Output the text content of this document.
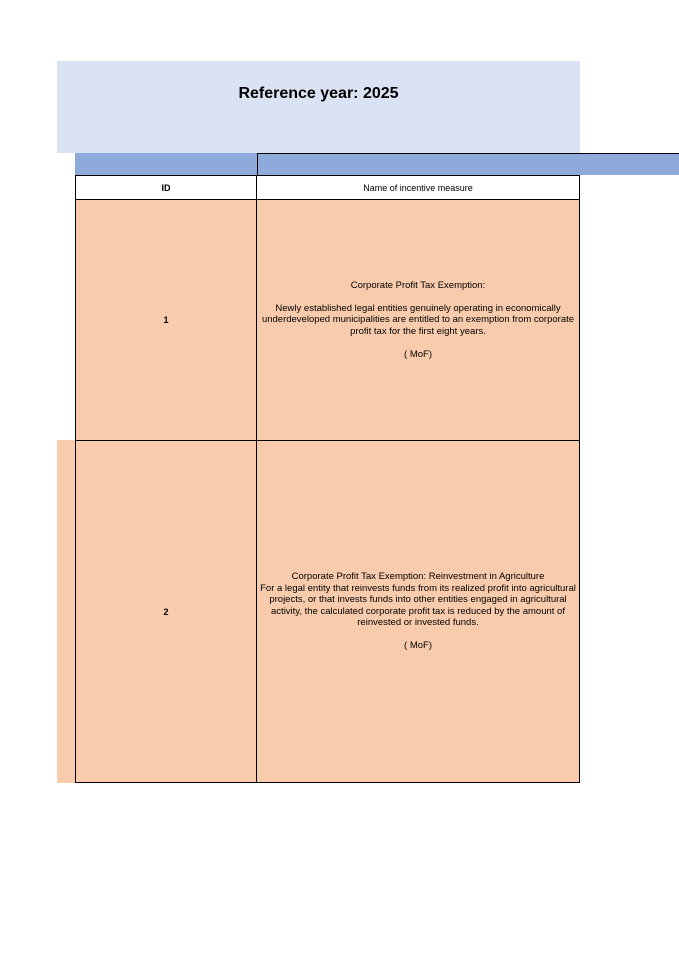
Reference year: 2025
ID	Name of incentive measure
1

Corporate Profit Tax Exemption:

Newly established legal entities genuinely operating in economically underdeveloped municipalities are entitled to an exemption from corporate profit tax for the first eight years.

( MoF)

2

Corporate Profit Tax Exemption: Reinvestment in Agriculture

For a legal entity that reinvests funds from its realized profit into agricultural projects, or that invests funds into other entities engaged in agricultural activity, the calculated corporate profit tax is reduced by the amount of reinvested or invested funds.

( MoF)
